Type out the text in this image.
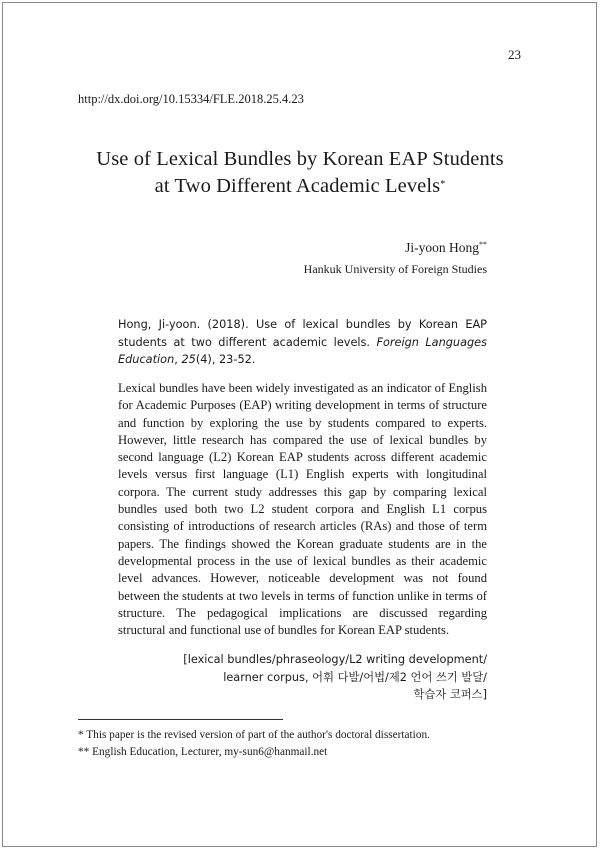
23
http://dx.doi.org/10.15334/FLE.2018.25.4.23
Use of Lexical Bundles by Korean EAP Students
at Two Different Academic Levels*
Ji-yoon Hong**
Hankuk University of Foreign Studies
Hong, Ji-yoon. (2018). Use of lexical bundles by Korean EAP students at two different academic levels. Foreign Languages Education, 25(4), 23-52.
Lexical bundles have been widely investigated as an indicator of English for Academic Purposes (EAP) writing development in terms of structure and function by exploring the use by students compared to experts. However, little research has compared the use of lexical bundles by second language (L2) Korean EAP students across different academic levels versus first language (L1) English experts with longitudinal corpora. The current study addresses this gap by comparing lexical bundles used both two L2 student corpora and English L1 corpus consisting of introductions of research articles (RAs) and those of term papers. The findings showed the Korean graduate students are in the developmental process in the use of lexical bundles as their academic level advances. However, noticeable development was not found between the students at two levels in terms of function unlike in terms of structure. The pedagogical implications are discussed regarding structural and functional use of bundles for Korean EAP students.
[lexical bundles/phraseology/L2 writing development/
learner corpus, 어휘 다발/어법/제2 언어 쓰기 발달/
학습자 코퍼스]
* This paper is the revised version of part of the author's doctoral dissertation.
** English Education, Lecturer, my-sun6@hanmail.net
